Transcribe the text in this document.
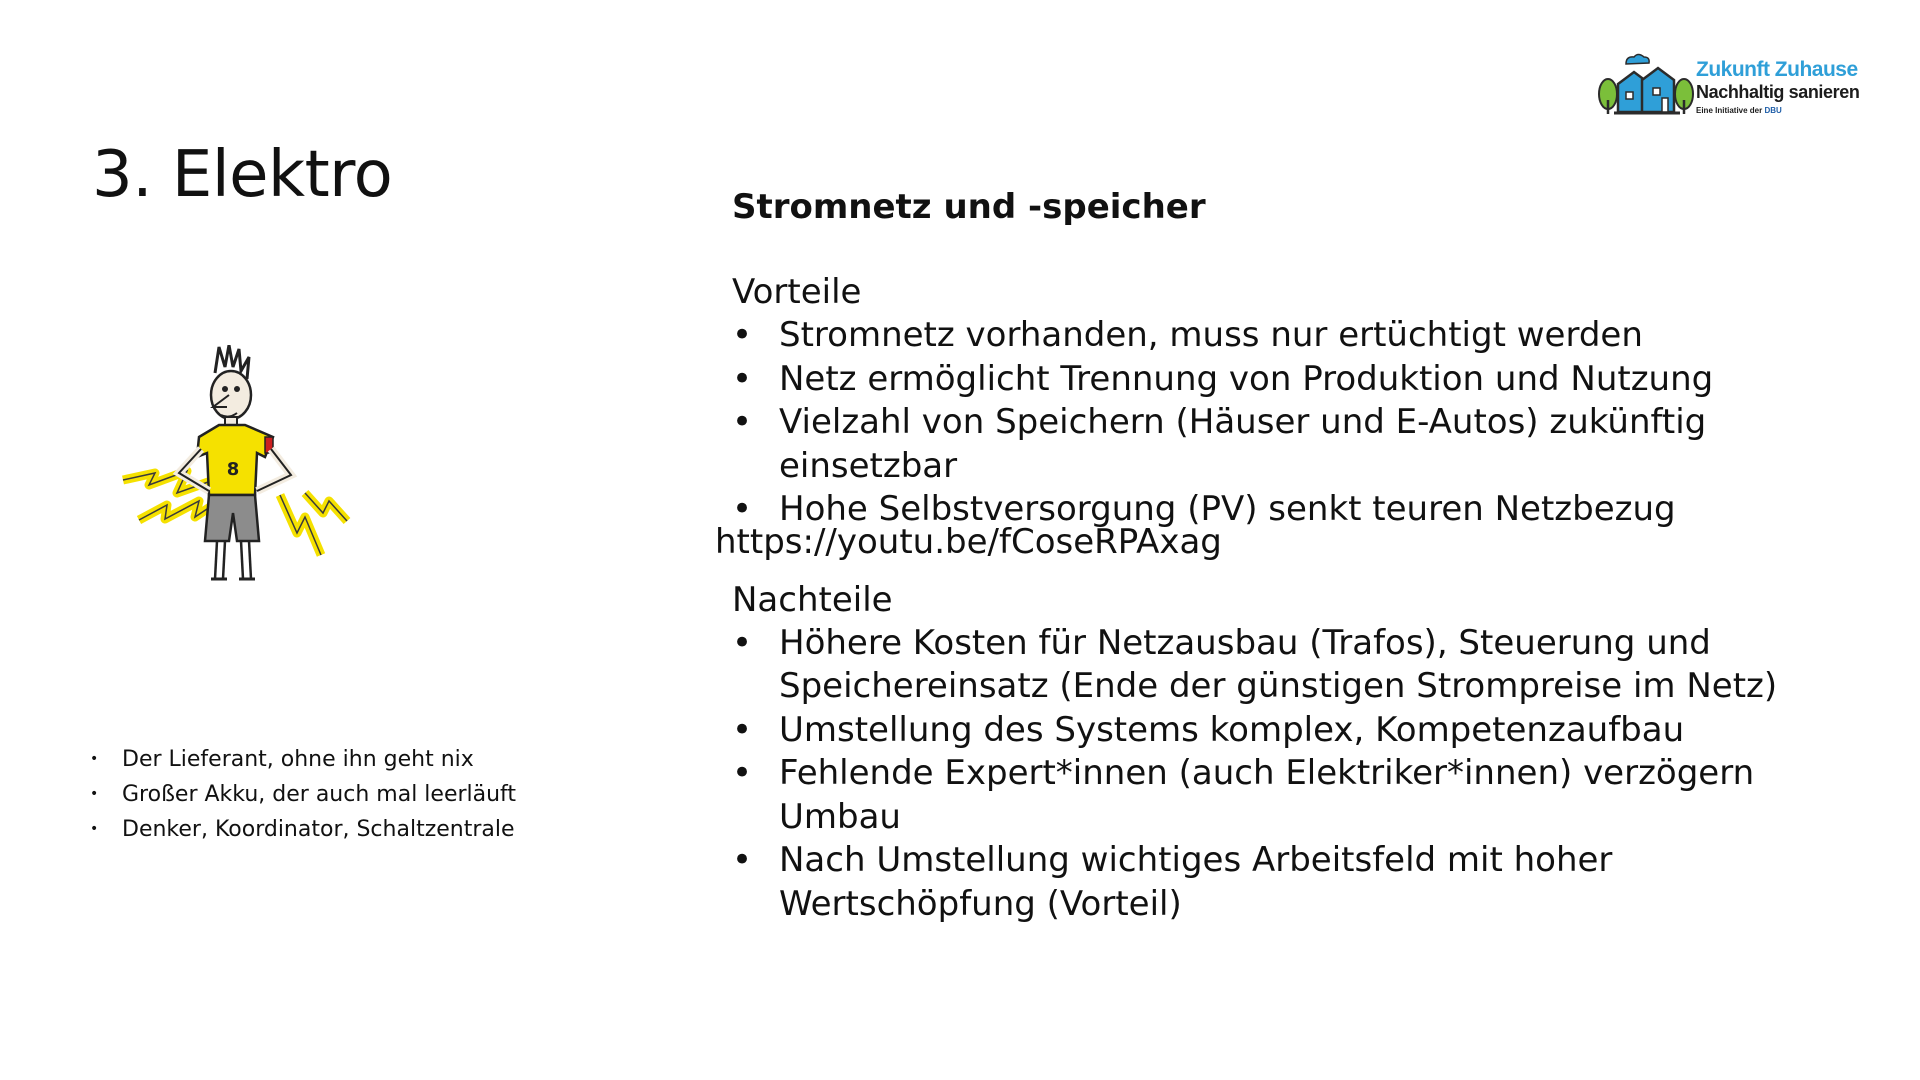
3. Elektro
Zukunft Zuhause
Nachhaltig sanieren
Eine Initiative der DBU
8
• Der Lieferant, ohne ihn geht nix
• Großer Akku, der auch mal leerläuft
• Denker, Koordinator, Schaltzentrale
Stromnetz und -speicher
Vorteile
• Stromnetz vorhanden, muss nur ertüchtigt werden
• Netz ermöglicht Trennung von Produktion und Nutzung
• Vielzahl von Speichern (Häuser und E-Autos) zukünftig einsetzbar
• Hohe Selbstversorgung (PV) senkt teuren Netzbezug
Nachteile
• Höhere Kosten für Netzausbau (Trafos), Steuerung und Speichereinsatz (Ende der günstigen Strompreise im Netz)
• Umstellung des Systems komplex, Kompetenzaufbau
• Fehlende Expert*innen (auch Elektriker*innen) verzögern Umbau
• Nach Umstellung wichtiges Arbeitsfeld mit hoher Wertschöpfung (Vorteil)
https://youtu.be/fCoseRPAxag
